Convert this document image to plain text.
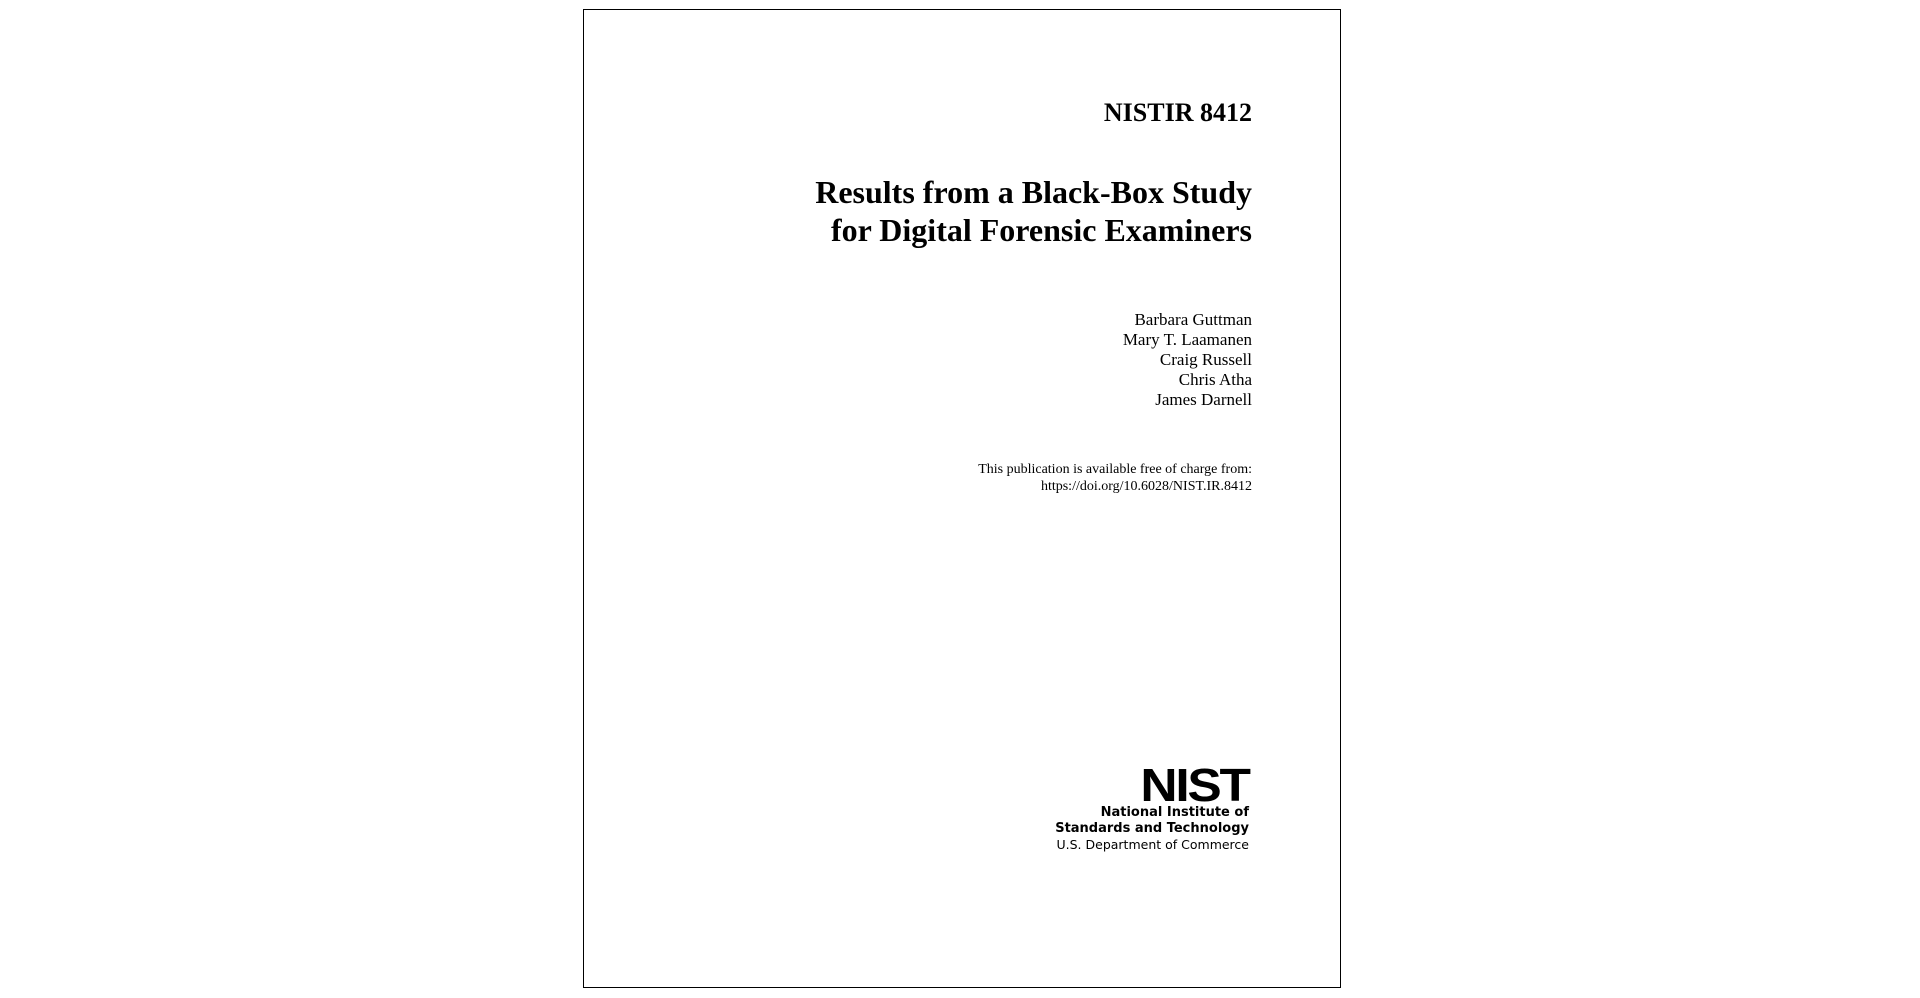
NISTIR 8412
Results from a Black-Box Study
for Digital Forensic Examiners
Barbara Guttman
Mary T. Laamanen
Craig Russell
Chris Atha
James Darnell
This publication is available free of charge from:
https://doi.org/10.6028/NIST.IR.8412
NIST
National Institute of
Standards and Technology
U.S. Department of Commerce
